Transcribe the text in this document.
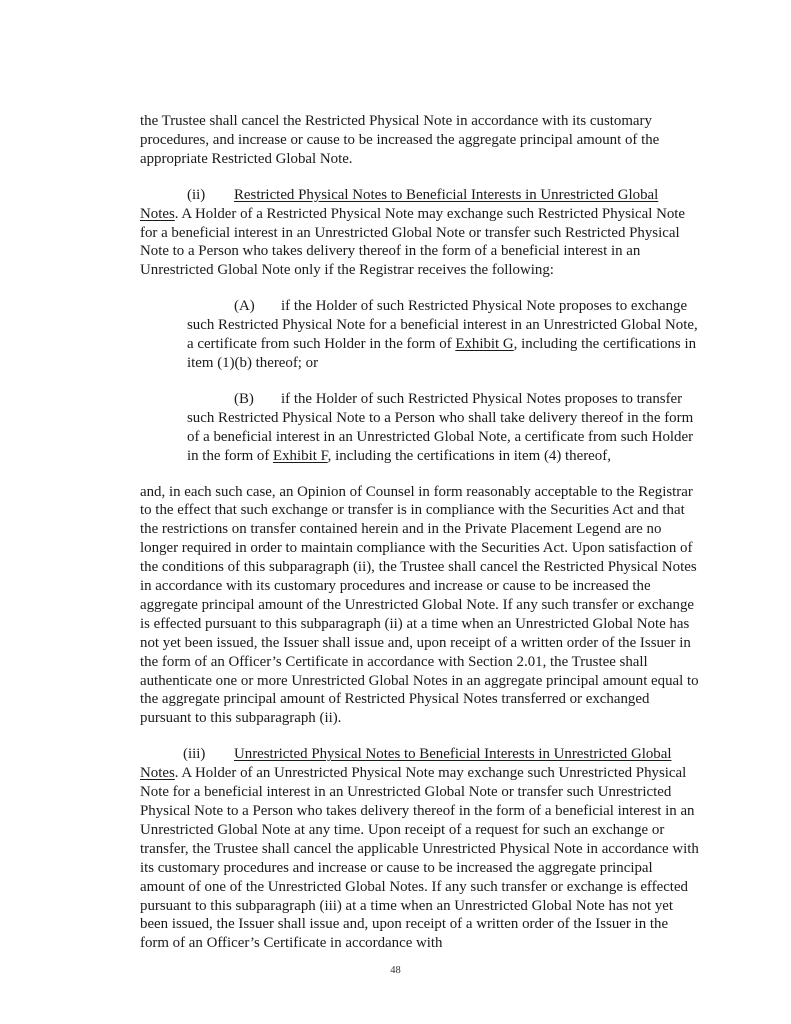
the Trustee shall cancel the Restricted Physical Note in accordance with its customary procedures, and increase or cause to be increased the aggregate principal amount of the appropriate Restricted Global Note.

(ii) Restricted Physical Notes to Beneficial Interests in Unrestricted Global Notes. A Holder of a Restricted Physical Note may exchange such Restricted Physical Note for a beneficial interest in an Unrestricted Global Note or transfer such Restricted Physical Note to a Person who takes delivery thereof in the form of a beneficial interest in an Unrestricted Global Note only if the Registrar receives the following:

(A) if the Holder of such Restricted Physical Note proposes to exchange such Restricted Physical Note for a beneficial interest in an Unrestricted Global Note, a certificate from such Holder in the form of Exhibit G, including the certifications in item (1)(b) thereof; or

(B) if the Holder of such Restricted Physical Notes proposes to transfer such Restricted Physical Note to a Person who shall take delivery thereof in the form of a beneficial interest in an Unrestricted Global Note, a certificate from such Holder in the form of Exhibit F, including the certifications in item (4) thereof,

and, in each such case, an Opinion of Counsel in form reasonably acceptable to the Registrar to the effect that such exchange or transfer is in compliance with the Securities Act and that the restrictions on transfer contained herein and in the Private Placement Legend are no longer required in order to maintain compliance with the Securities Act. Upon satisfaction of the conditions of this subparagraph (ii), the Trustee shall cancel the Restricted Physical Notes in accordance with its customary procedures and increase or cause to be increased the aggregate principal amount of the Unrestricted Global Note. If any such transfer or exchange is effected pursuant to this subparagraph (ii) at a time when an Unrestricted Global Note has not yet been issued, the Issuer shall issue and, upon receipt of a written order of the Issuer in the form of an Officer’s Certificate in accordance with Section 2.01, the Trustee shall authenticate one or more Unrestricted Global Notes in an aggregate principal amount equal to the aggregate principal amount of Restricted Physical Notes transferred or exchanged pursuant to this subparagraph (ii).

(iii) Unrestricted Physical Notes to Beneficial Interests in Unrestricted Global Notes. A Holder of an Unrestricted Physical Note may exchange such Unrestricted Physical Note for a beneficial interest in an Unrestricted Global Note or transfer such Unrestricted Physical Note to a Person who takes delivery thereof in the form of a beneficial interest in an Unrestricted Global Note at any time. Upon receipt of a request for such an exchange or transfer, the Trustee shall cancel the applicable Unrestricted Physical Note in accordance with its customary procedures and increase or cause to be increased the aggregate principal amount of one of the Unrestricted Global Notes. If any such transfer or exchange is effected pursuant to this subparagraph (iii) at a time when an Unrestricted Global Note has not yet been issued, the Issuer shall issue and, upon receipt of a written order of the Issuer in the form of an Officer’s Certificate in accordance with

48
